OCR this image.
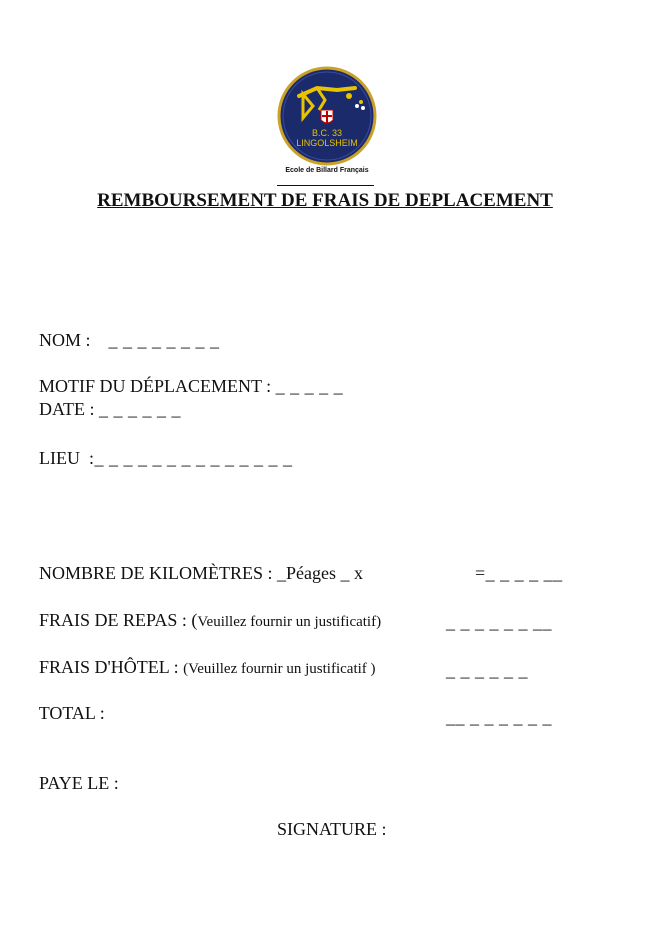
B.C. 33
LINGOLSHEIM
Ecole de Billard Français
REMBOURSEMENT DE FRAIS DE DEPLACEMENT

NOM : _ _ _ _ _ _ _ _

MOTIF DU DÉPLACEMENT : _ _ _ _ _

DATE : _ _ _ _ _ _

LIEU :_ _ _ _ _ _ _ _ _ _ _ _ _ _

NOMBRE DE KILOMÈTRES : _Péages _ x	=_ _ _ _ __

FRAIS DE REPAS : (Veuillez fournir un justificatif)	_ _ _ _ _ _ __

FRAIS D'HÔTEL : (Veuillez fournir un justificatif )	_ _ _ _ _ _

TOTAL :	__ _ _ _ _ _ _

PAYE LE :

SIGNATURE :
